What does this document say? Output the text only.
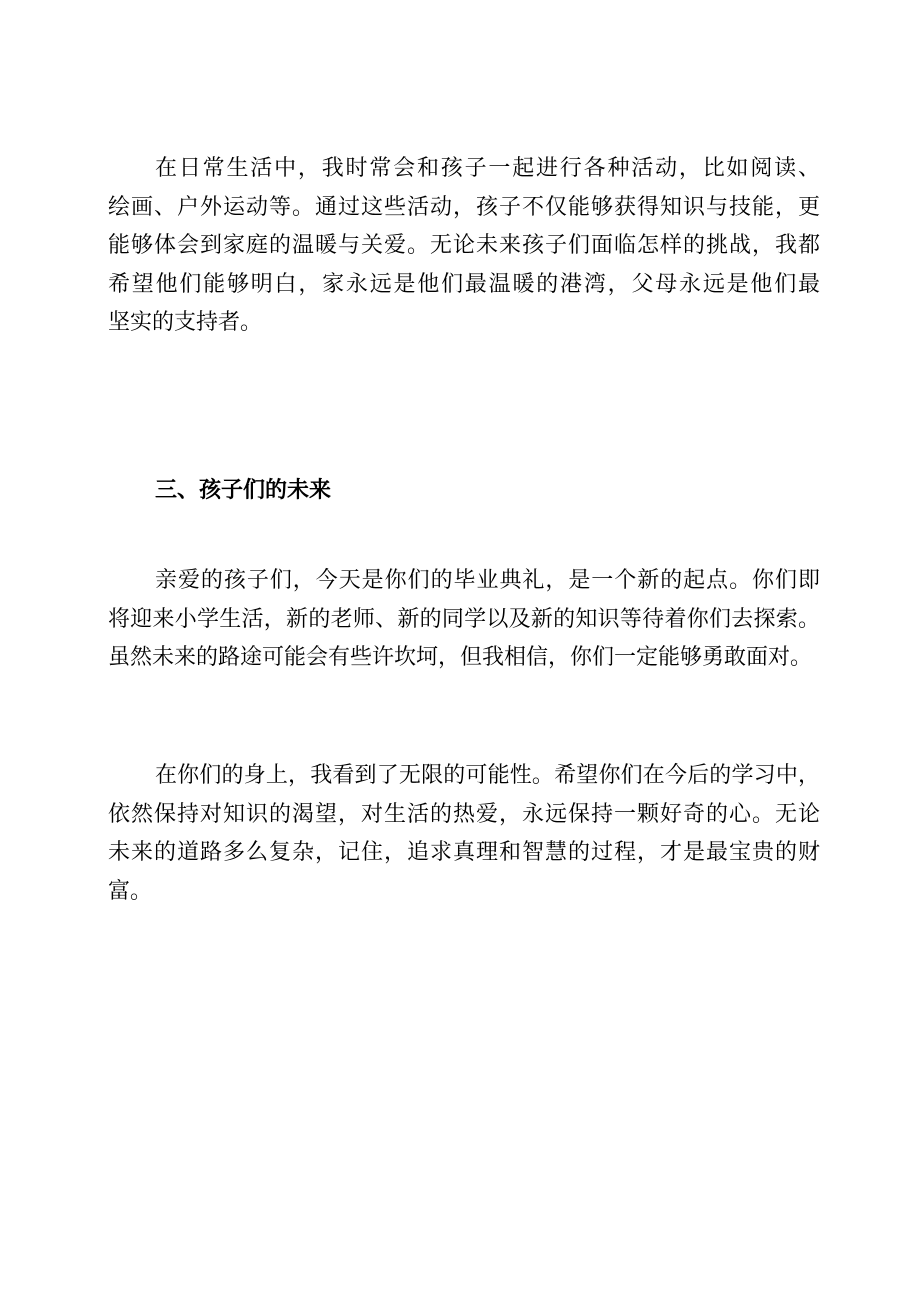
在日常生活中，我时常会和孩子一起进行各种活动，比如阅读、
绘画、户外运动等。通过这些活动，孩子不仅能够获得知识与技能，更
能够体会到家庭的温暖与关爱。无论未来孩子们面临怎样的挑战，我都
希望他们能够明白，家永远是他们最温暖的港湾，父母永远是他们最
坚实的支持者。
三、孩子们的未来
亲爱的孩子们，今天是你们的毕业典礼，是一个新的起点。你们即
将迎来小学生活，新的老师、新的同学以及新的知识等待着你们去探索。
虽然未来的路途可能会有些许坎坷，但我相信，你们一定能够勇敢面对。
在你们的身上，我看到了无限的可能性。希望你们在今后的学习中，
依然保持对知识的渴望，对生活的热爱，永远保持一颗好奇的心。无论
未来的道路多么复杂，记住，追求真理和智慧的过程，才是最宝贵的财
富。
